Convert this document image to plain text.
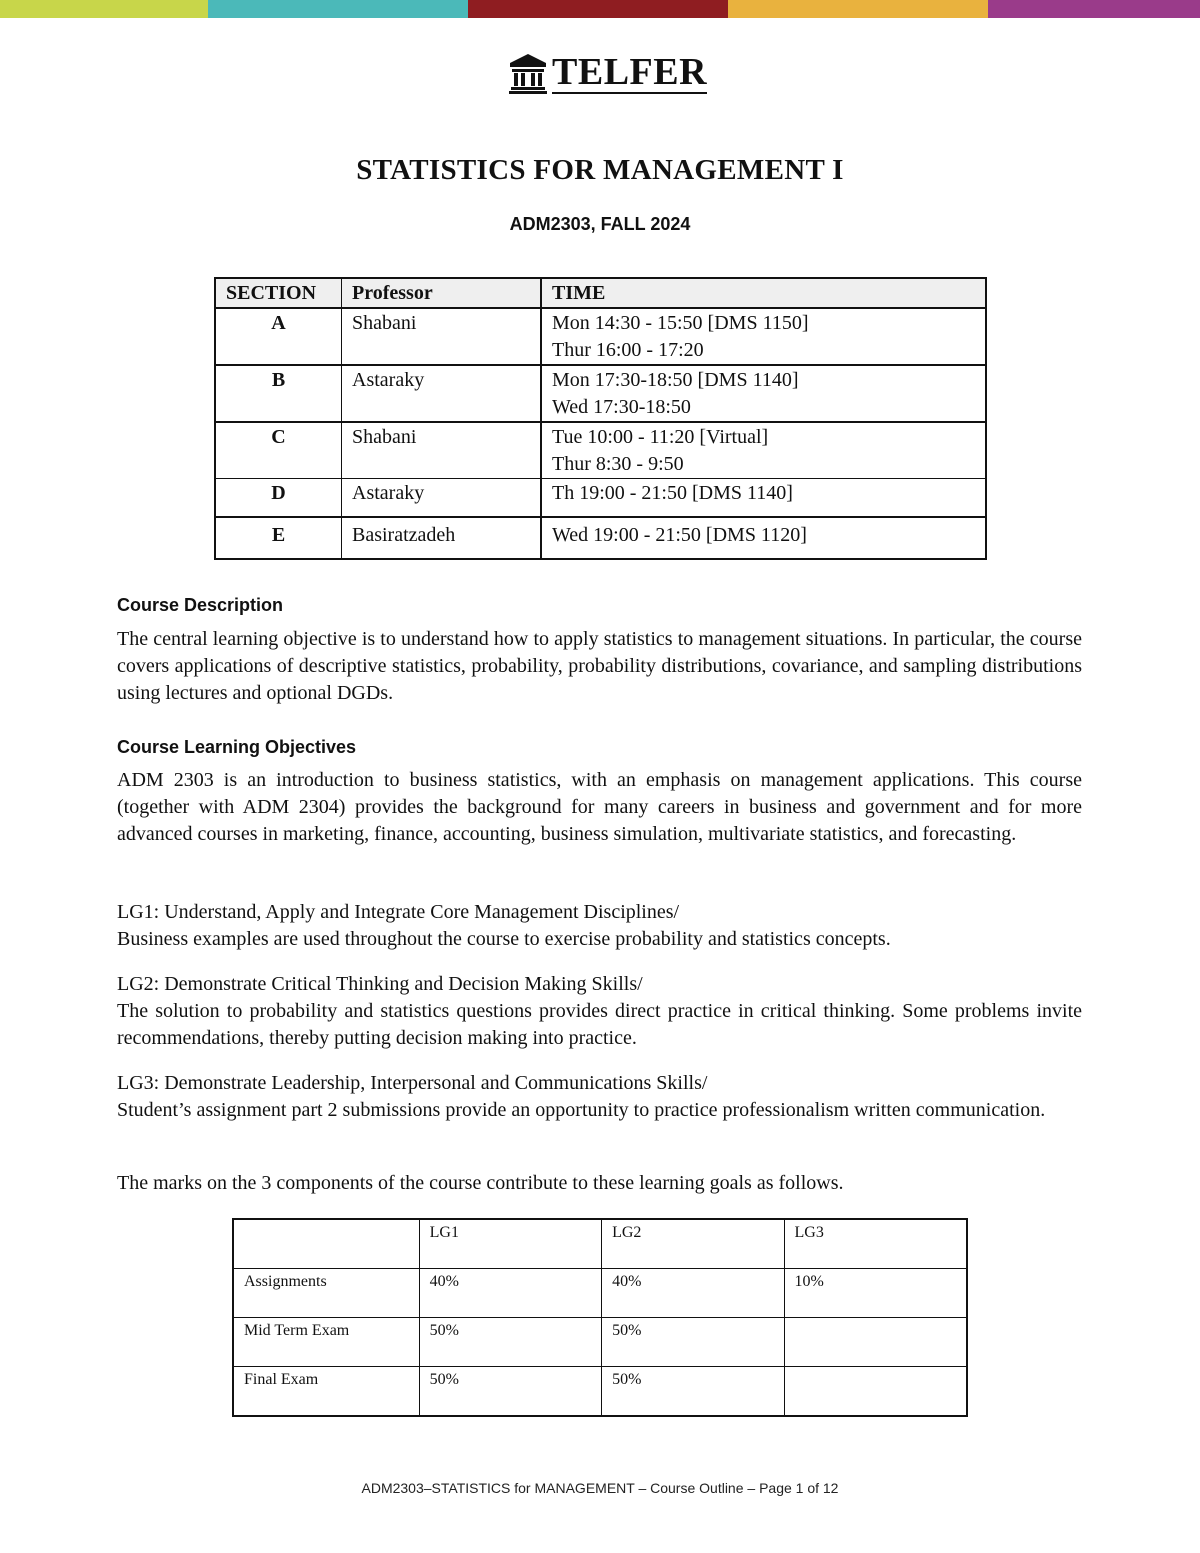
TELFER
STATISTICS FOR MANAGEMENT I
ADM2303, FALL 2024
SECTION	Professor	TIME
A	Shabani	Mon 14:30 - 15:50 [DMS 1150]
Thur 16:00 - 17:20

B	Astaraky	Mon 17:30-18:50 [DMS 1140]
Wed 17:30-18:50

C	Shabani	Tue 10:00 - 11:20 [Virtual]
Thur 8:30 - 9:50

D	Astaraky	Th 19:00 - 21:50 [DMS 1140]

E	Basiratzadeh	Wed 19:00 - 21:50 [DMS 1120]
Course Description

The central learning objective is to understand how to apply statistics to management situations. In particular, the course covers applications of descriptive statistics, probability, probability distributions, covariance, and sampling distributions using lectures and optional DGDs.

Course Learning Objectives

ADM 2303 is an introduction to business statistics, with an emphasis on management applications. This course (together with ADM 2304) provides the background for many careers in business and government and for more advanced courses in marketing, finance, accounting, business simulation, multivariate statistics, and forecasting.

LG1: Understand, Apply and Integrate Core Management Disciplines/

Business examples are used throughout the course to exercise probability and statistics concepts.

LG2: Demonstrate Critical Thinking and Decision Making Skills/

The solution to probability and statistics questions provides direct practice in critical thinking. Some problems invite recommendations, thereby putting decision making into practice.

LG3: Demonstrate Leadership, Interpersonal and Communications Skills/

Student’s assignment part 2 submissions provide an opportunity to practice professionalism written communication.

The marks on the 3 components of the course contribute to these learning goals as follows.

	LG1	LG2	LG3
Assignments	40%	40%	10%
Mid Term Exam	50%	50%	
Final Exam	50%	50%	
ADM2303–STATISTICS for MANAGEMENT – Course Outline – Page 1 of 12
